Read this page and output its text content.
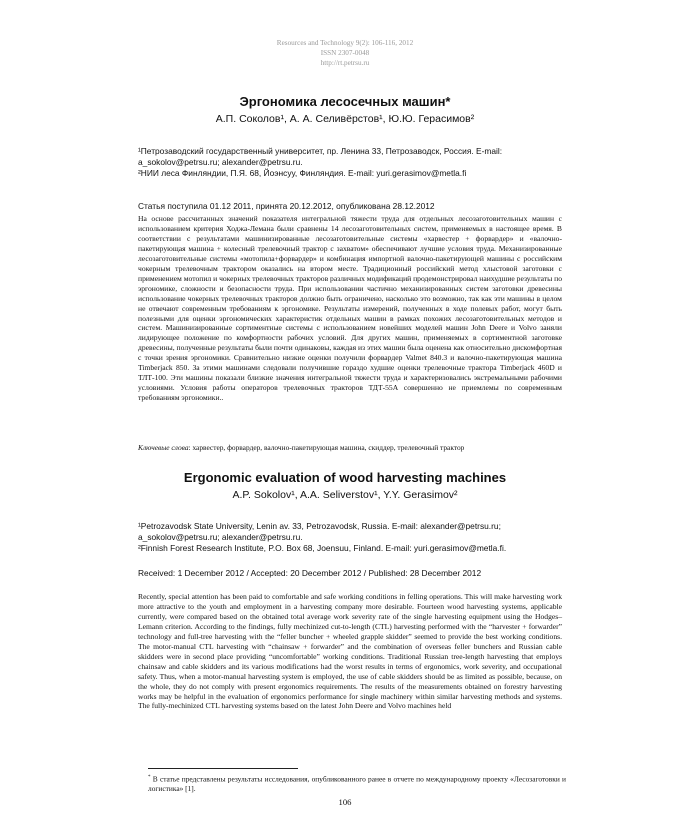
Resources and Technology 9(2): 106-116, 2012
ISSN 2307-0048
http://rt.petrsu.ru
Эргономика лесосечных машин*
А.П. Соколов¹, А. А. Селивёрстов¹, Ю.Ю. Герасимов²

¹Петрозаводский государственный университет, пр. Ленина 33, Петрозаводск, Россия. E-mail:

a_sokolov@petrsu.ru; alexander@petrsu.ru.

²НИИ леса Финляндии, П.Я. 68, Йоэнсуу, Финляндия. E-mail: yuri.gerasimov@metla.fi

Статья поступила 01.12 2011, принята 20.12.2012, опубликована 28.12.2012

На основе рассчитанных значений показателя интегральной тяжести труда для отдельных лесозаготовительных машин с использованием критерия Ходжа-Лемана были сравнены 14 лесозаготовительных систем, применяемых в настоящее время. В соответствии с результатами машинизированные лесозаготовительные системы «харвестер + форвардер» и «валочно-пакетирующая машина + колесный трелевочный трактор с захватом» обеспечивают лучшие условия труда. Механизированные лесозаготовительные системы «мотопила+форвардер» и комбинация импортной валочно-пакетирующей машины с российским чокерным трелевочным трактором оказались на втором месте. Традиционный российский метод хлыстовой заготовки с применением мотопил и чокерных трелевочных тракторов различных модификаций продемонстрировал наихудшие результаты по эргономике, сложности и безопасности труда. При использовании частично механизированных систем заготовки древесины использование чокерных трелевочных тракторов должно быть ограничено, насколько это возможно, так как эти машины в целом не отвечают современным требованиям к эргономике. Результаты измерений, полученных в ходе полевых работ, могут быть полезными для оценки эргономических характеристик отдельных машин в рамках похожих лесозаготовительных методов и систем. Машинизированные сортиментные системы с использованием новейших моделей машин John Deere и Volvo заняли лидирующее положение по комфортности рабочих условий. Для других машин, применяемых в сортиментной заготовке древесины, полученные результаты были почти одинаковы, каждая из этих машин была оценена как относительно дискомфортная с точки зрения эргономики. Сравнительно низкие оценки получили форвардер Valmet 840.3 и валочно-пакетирующая машина Timberjack 850. За этими машинами следовали получившие гораздо худшие оценки трелевочные трактора Timberjack 460D и ТЛТ-100. Эти машины показали близкие значения интегральной тяжести труда и характеризовались экстремальными рабочими условиями. Условия работы операторов трелевочных тракторов ТДТ-55А совершенно не приемлемы по современным требованиям эргономики..

Ключевые слова: харвестер, форвардер, валочно-пакетирующая машина, скиддер, трелевочный трактор
Ergonomic evaluation of wood harvesting machines
A.P. Sokolov¹, A.A. Seliverstov¹, Y.Y. Gerasimov²

¹Petrozavodsk State University, Lenin av. 33, Petrozavodsk, Russia. E-mail: alexander@petrsu.ru;

a_sokolov@petrsu.ru; alexander@petrsu.ru.

²Finnish Forest Research Institute, P.O. Box 68, Joensuu, Finland. E-mail: yuri.gerasimov@metla.fi.

Received: 1 December 2012 / Accepted: 20 December 2012 / Published: 28 December 2012

Recently, special attention has been paid to comfortable and safe working conditions in felling operations. This will make harvesting work more attractive to the youth and employment in a harvesting company more desirable. Fourteen wood harvesting systems, applicable currently, were compared based on the obtained total average work severity rate of the single harvesting equipment using the Hodges–Lemann criterion. According to the findings, fully mechinized cut-to-length (CTL) harvesting performed with the “harvester + forwarder” technology and full-tree harvesting with the “feller buncher + wheeled grapple skidder” seemed to provide the best working conditions. The motor-manual CTL harvesting with “chainsaw + forwarder” and the combination of overseas feller bunchers and Russian cable skidders were in second place providing “uncomfortable” working conditions. Traditional Russian tree-length harvesting that employs chainsaw and cable skidders and its various modifications had the worst results in terms of ergonomics, work severity, and occupational safety. Thus, when a motor-manual harvesting system is employed, the use of cable skidders should be as limited as possible, because, on the whole, they do not comply with present ergonomics requirements. The results of the measurements obtained on forestry harvesting works may be helpful in the evaluation of ergonomics performance for single machinery within similar harvesting methods and systems. The fully-mechinized CTL harvesting systems based on the latest John Deere and Volvo machines held

* В статье представлены результаты исследования, опубликованного ранее в отчете по международному проекту «Лесозаготовки и логистика» [1].

106
